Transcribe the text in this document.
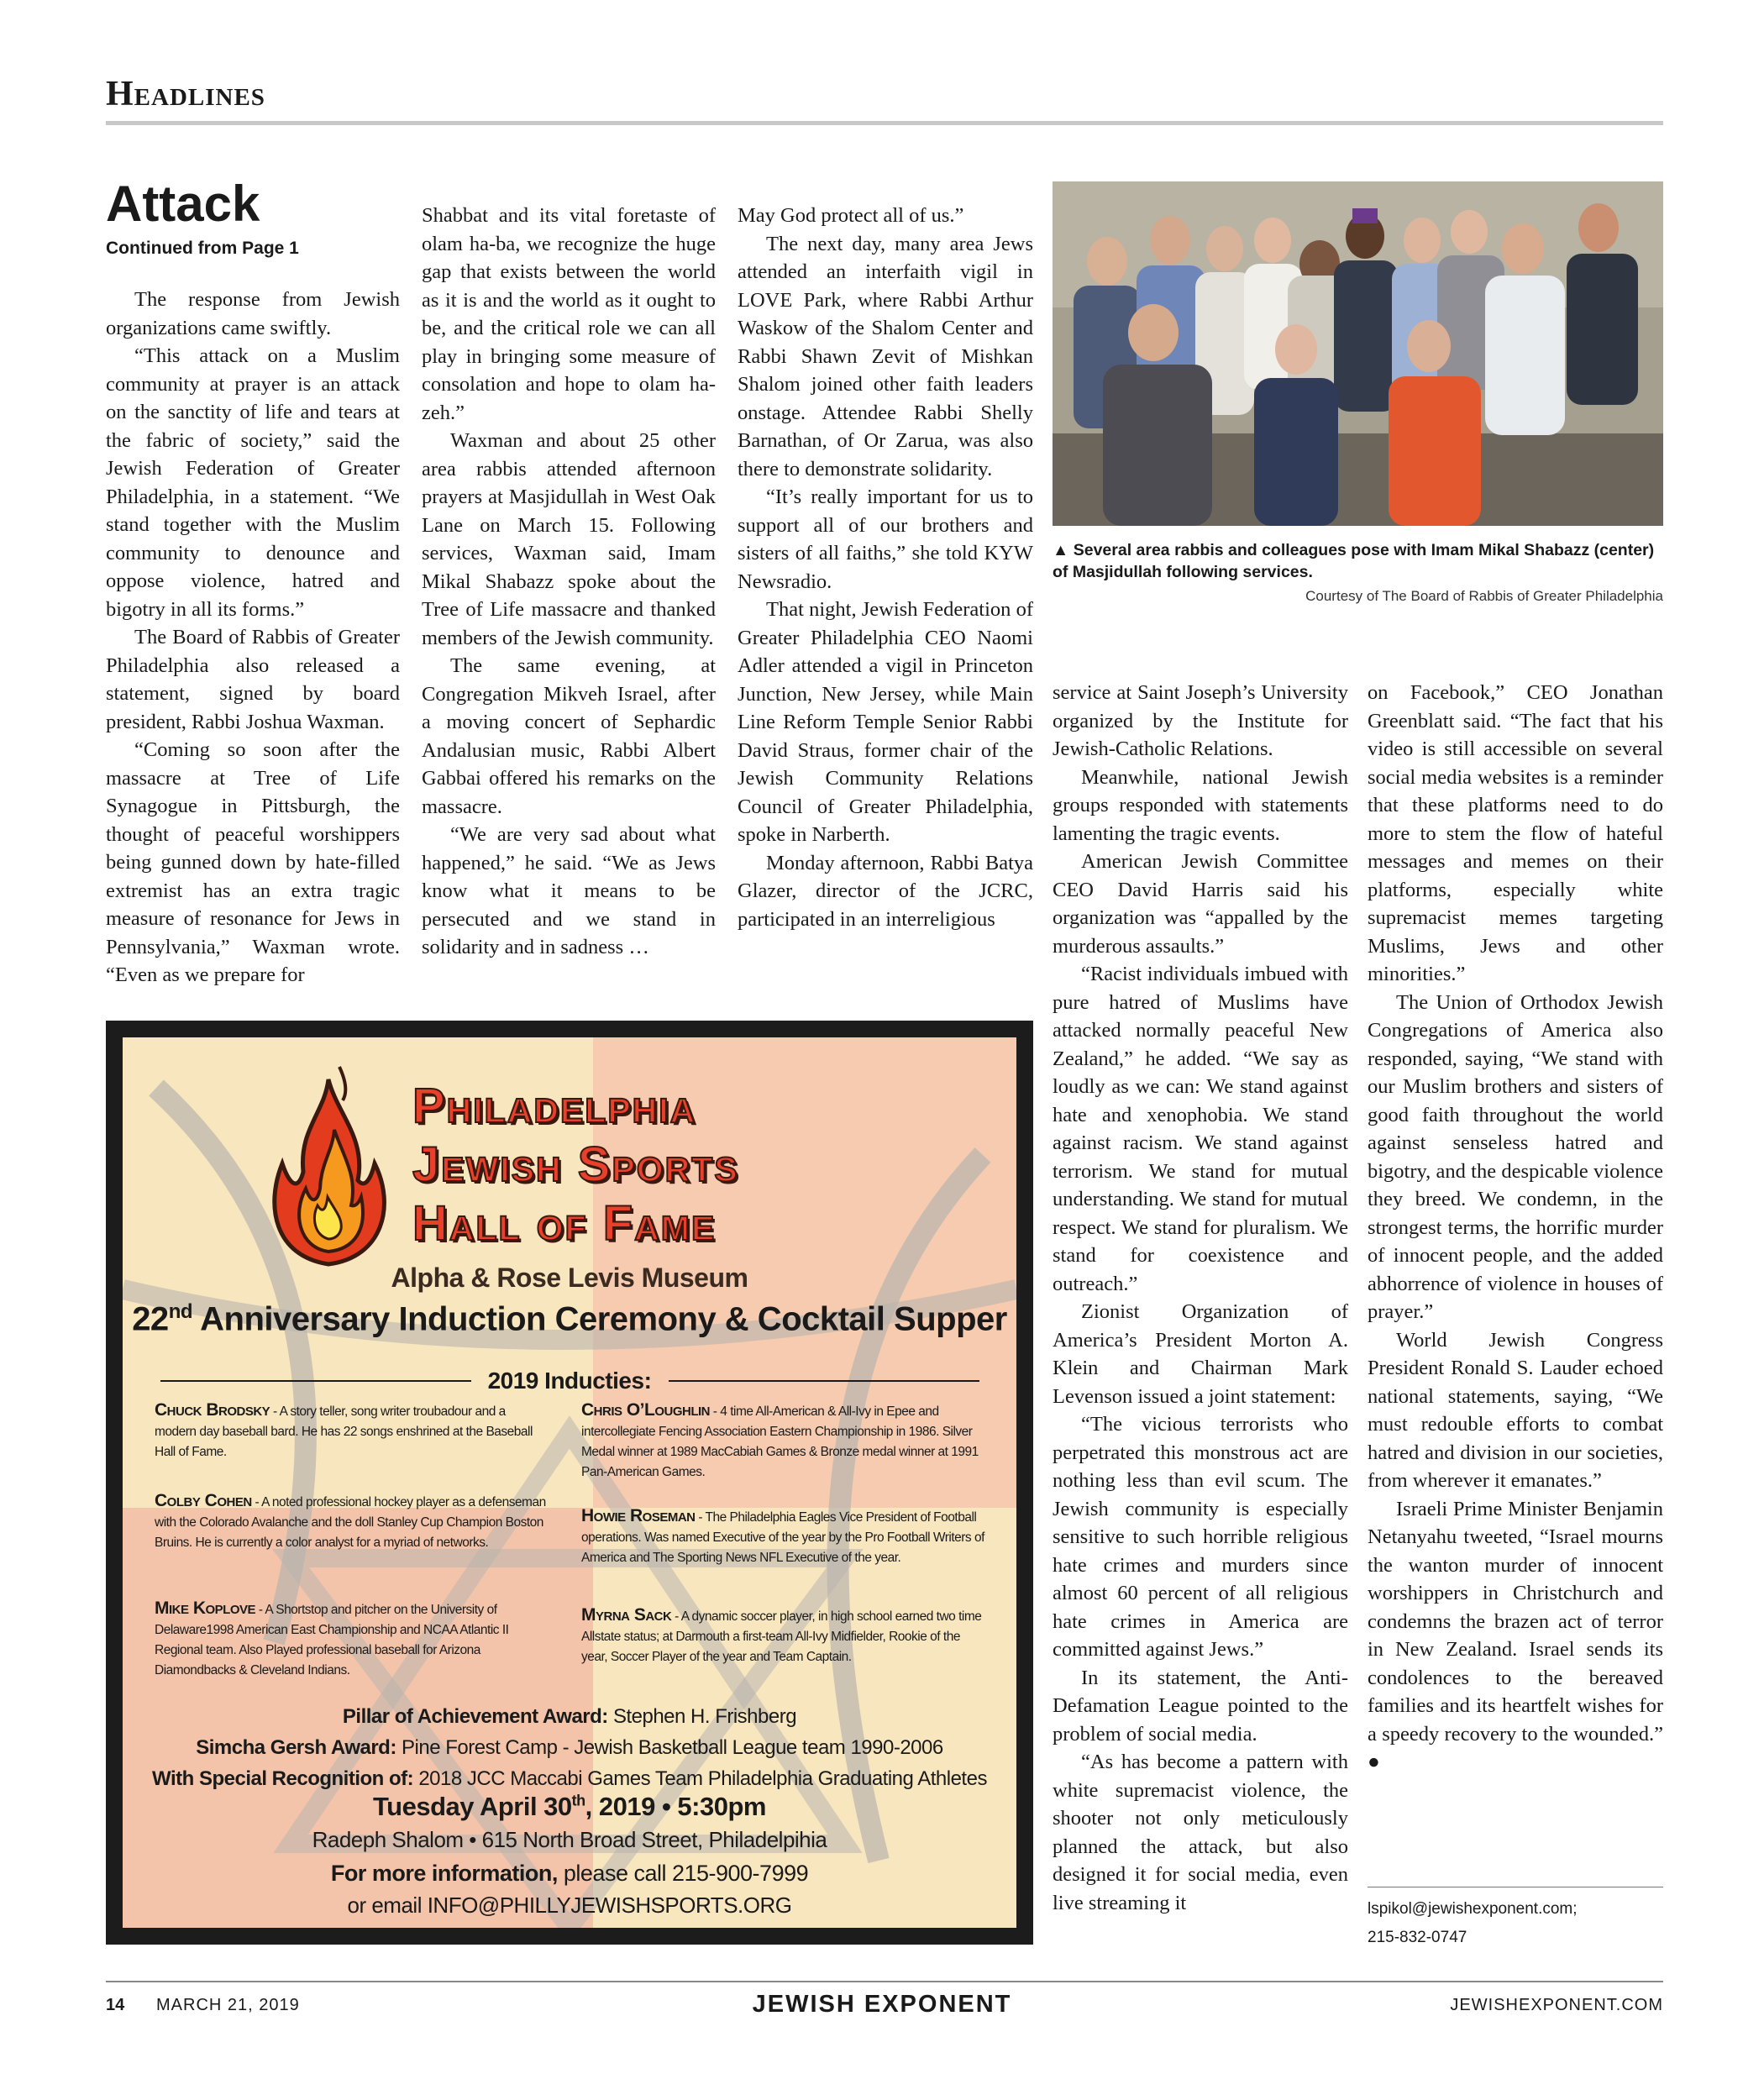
Headlines
Attack
Continued from Page 1

The response from Jewish organizations came swiftly.

“This attack on a Muslim community at prayer is an attack on the sanctity of life and tears at the fabric of society,” said the Jewish Federation of Greater Philadelphia, in a statement. “We stand together with the Muslim community to denounce and oppose violence, hatred and bigotry in all its forms.”

The Board of Rabbis of Greater Philadelphia also released a statement, signed by board president, Rabbi Joshua Waxman.

“Coming so soon after the massacre at Tree of Life Synagogue in Pittsburgh, the thought of peaceful worshippers being gunned down by hate-filled extremist has an extra tragic measure of resonance for Jews in Pennsylvania,” Waxman wrote. “Even as we prepare for

Shabbat and its vital foretaste of olam ha-ba, we recognize the huge gap that exists between the world as it is and the world as it ought to be, and the critical role we can all play in bringing some measure of consolation and hope to olam ha-zeh.”

Waxman and about 25 other area rabbis attended afternoon prayers at Masjidullah in West Oak Lane on March 15. Following services, Waxman said, Imam Mikal Shabazz spoke about the Tree of Life massacre and thanked members of the Jewish community.

The same evening, at Congregation Mikveh Israel, after a moving concert of Sephardic Andalusian music, Rabbi Albert Gabbai offered his remarks on the massacre.

“We are very sad about what happened,” he said. “We as Jews know what it means to be persecuted and we stand in solidarity and in sadness …

May God protect all of us.”

The next day, many area Jews attended an interfaith vigil in LOVE Park, where Rabbi Arthur Waskow of the Shalom Center and Rabbi Shawn Zevit of Mishkan Shalom joined other faith leaders onstage. Attendee Rabbi Shelly Barnathan, of Or Zarua, was also there to demonstrate solidarity.

“It’s really important for us to support all of our brothers and sisters of all faiths,” she told KYW Newsradio.

That night, Jewish Federation of Greater Philadelphia CEO Naomi Adler attended a vigil in Princeton Junction, New Jersey, while Main Line Reform Temple Senior Rabbi David Straus, former chair of the Jewish Community Relations Council of Greater Philadelphia, spoke in Narberth.

Monday afternoon, Rabbi Batya Glazer, director of the JCRC, participated in an interreligious

service at Saint Joseph’s University organized by the Institute for Jewish-Catholic Relations.

Meanwhile, national Jewish groups responded with statements lamenting the tragic events.

American Jewish Committee CEO David Harris said his organization was “appalled by the murderous assaults.”

“Racist individuals imbued with pure hatred of Muslims have attacked normally peaceful New Zealand,” he added. “We say as loudly as we can: We stand against hate and xenophobia. We stand against racism. We stand against terrorism. We stand for mutual understanding. We stand for mutual respect. We stand for pluralism. We stand for coexistence and outreach.”

Zionist Organization of America’s President Morton A. Klein and Chairman Mark Levenson issued a joint statement:

“The vicious terrorists who perpetrated this monstrous act are nothing less than evil scum. The Jewish community is especially sensitive to such horrible religious hate crimes and murders since almost 60 percent of all religious hate crimes in America are committed against Jews.”

In its statement, the Anti-Defamation League pointed to the problem of social media.

“As has become a pattern with white supremacist violence, the shooter not only meticulously planned the attack, but also designed it for social media, even live streaming it

on Facebook,” CEO Jonathan Greenblatt said. “The fact that his video is still accessible on several social media websites is a reminder that these platforms need to do more to stem the flow of hateful messages and memes on their platforms, especially white supremacist memes targeting Muslims, Jews and other minorities.”

The Union of Orthodox Jewish Congregations of America also responded, saying, “We stand with our Muslim brothers and sisters of good faith throughout the world against senseless hatred and bigotry, and the despicable violence they breed. We condemn, in the strongest terms, the horrific murder of innocent people, and the added abhorrence of violence in houses of prayer.”

World Jewish Congress President Ronald S. Lauder echoed national statements, saying, “We must redouble efforts to combat hatred and division in our societies, from wherever it emanates.”

Israeli Prime Minister Benjamin Netanyahu tweeted, “Israel mourns the wanton murder of innocent worshippers in Christchurch and condemns the brazen act of terror in New Zealand. Israel sends its condolences to the bereaved families and its heartfelt wishes for a speedy recovery to the wounded.” ●

lspikol@jewishexponent.com;
215-832-0747
▲ Several area rabbis and colleagues pose with Imam Mikal Shabazz (center) of Masjidullah following services.
Courtesy of The Board of Rabbis of Greater Philadelphia
Philadelphia
Jewish Sports
Hall of Fame
Alpha & Rose Levis Museum
22nd Anniversary Induction Ceremony & Cocktail Supper
2019 Inducties:
Chuck Brodsky - A story teller, song writer troubadour and a modern day baseball bard. He has 22 songs enshrined at the Baseball Hall of Fame.
Colby Cohen - A noted professional hockey player as a defenseman with the Colorado Avalanche and the doll Stanley Cup Champion Boston Bruins. He is currently a color analyst for a myriad of networks.
Mike Koplove - A Shortstop and pitcher on the University of Delaware1998 American East Championship and NCAA Atlantic II Regional team. Also Played professional baseball for Arizona Diamondbacks & Cleveland Indians.
Chris O’Loughlin - 4 time All-American & All-Ivy in Epee and intercollegiate Fencing Association Eastern Championship in 1986. Silver Medal winner at 1989 MacCabiah Games & Bronze medal winner at 1991 Pan-American Games.
Howie Roseman - The Philadelphia Eagles Vice President of Football operations. Was named Executive of the year by the Pro Football Writers of America and The Sporting News NFL Executive of the year.
Myrna Sack - A dynamic soccer player, in high school earned two time Allstate status; at Darmouth a first-team All-Ivy Midfielder, Rookie of the year, Soccer Player of the year and Team Captain.
Pillar of Achievement Award: Stephen H. Frishberg
Simcha Gersh Award: Pine Forest Camp - Jewish Basketball League team 1990-2006
With Special Recognition of: 2018 JCC Maccabi Games Team Philadelphia Graduating Athletes
Tuesday April 30th, 2019 • 5:30pm
Radeph Shalom • 615 North Broad Street, Philadelpihia
For more information, please call 215-900-7999
or email INFO@PHILLYJEWISHSPORTS.ORG
14 MARCH 21, 2019	JEWISH EXPONENT	JEWISHEXPONENT.COM
